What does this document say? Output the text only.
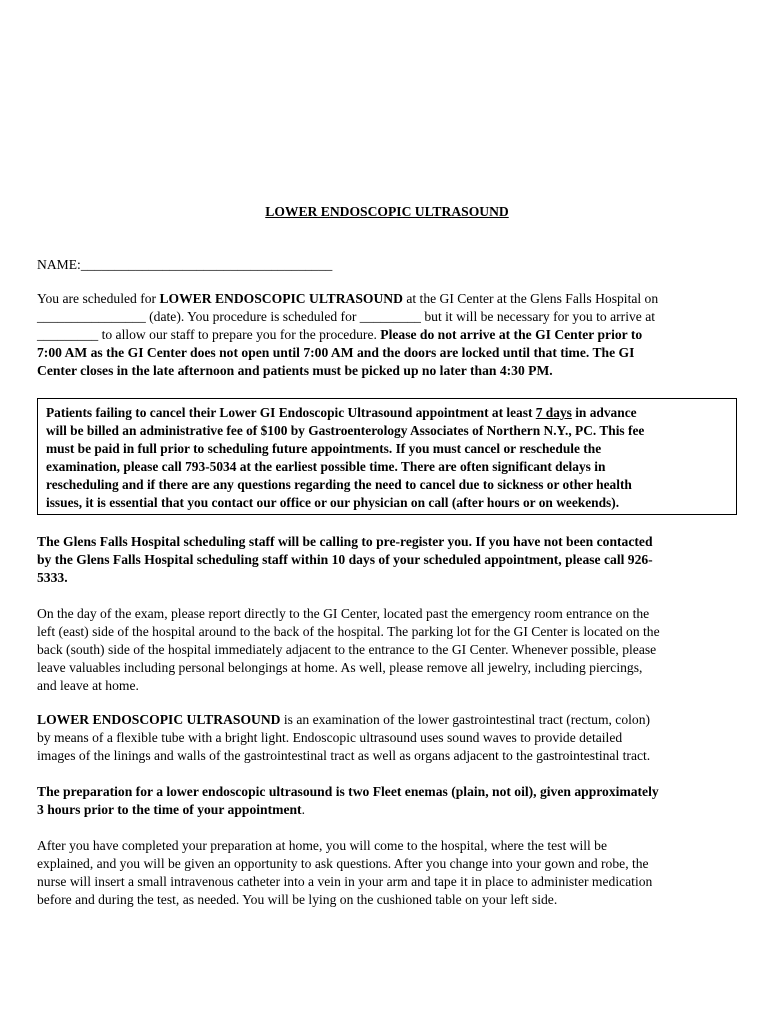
LOWER ENDOSCOPIC ULTRASOUND
NAME:_____________________________________
You are scheduled for LOWER ENDOSCOPIC ULTRASOUND at the GI Center at the Glens Falls Hospital on
________________ (date). You procedure is scheduled for _________ but it will be necessary for you to arrive at
_________ to allow our staff to prepare you for the procedure. Please do not arrive at the GI Center prior to
7:00 AM as the GI Center does not open until 7:00 AM and the doors are locked until that time. The GI
Center closes in the late afternoon and patients must be picked up no later than 4:30 PM.
Patients failing to cancel their Lower GI Endoscopic Ultrasound appointment at least 7 days in advance
will be billed an administrative fee of $100 by Gastroenterology Associates of Northern N.Y., PC. This fee
must be paid in full prior to scheduling future appointments. If you must cancel or reschedule the
examination, please call 793-5034 at the earliest possible time. There are often significant delays in
rescheduling and if there are any questions regarding the need to cancel due to sickness or other health
issues, it is essential that you contact our office or our physician on call (after hours or on weekends).
The Glens Falls Hospital scheduling staff will be calling to pre-register you. If you have not been contacted
by the Glens Falls Hospital scheduling staff within 10 days of your scheduled appointment, please call 926-
5333.
On the day of the exam, please report directly to the GI Center, located past the emergency room entrance on the
left (east) side of the hospital around to the back of the hospital. The parking lot for the GI Center is located on the
back (south) side of the hospital immediately adjacent to the entrance to the GI Center. Whenever possible, please
leave valuables including personal belongings at home. As well, please remove all jewelry, including piercings,
and leave at home.
LOWER ENDOSCOPIC ULTRASOUND is an examination of the lower gastrointestinal tract (rectum, colon)
by means of a flexible tube with a bright light. Endoscopic ultrasound uses sound waves to provide detailed
images of the linings and walls of the gastrointestinal tract as well as organs adjacent to the gastrointestinal tract.
The preparation for a lower endoscopic ultrasound is two Fleet enemas (plain, not oil), given approximately
3 hours prior to the time of your appointment.
After you have completed your preparation at home, you will come to the hospital, where the test will be
explained, and you will be given an opportunity to ask questions. After you change into your gown and robe, the
nurse will insert a small intravenous catheter into a vein in your arm and tape it in place to administer medication
before and during the test, as needed. You will be lying on the cushioned table on your left side.
